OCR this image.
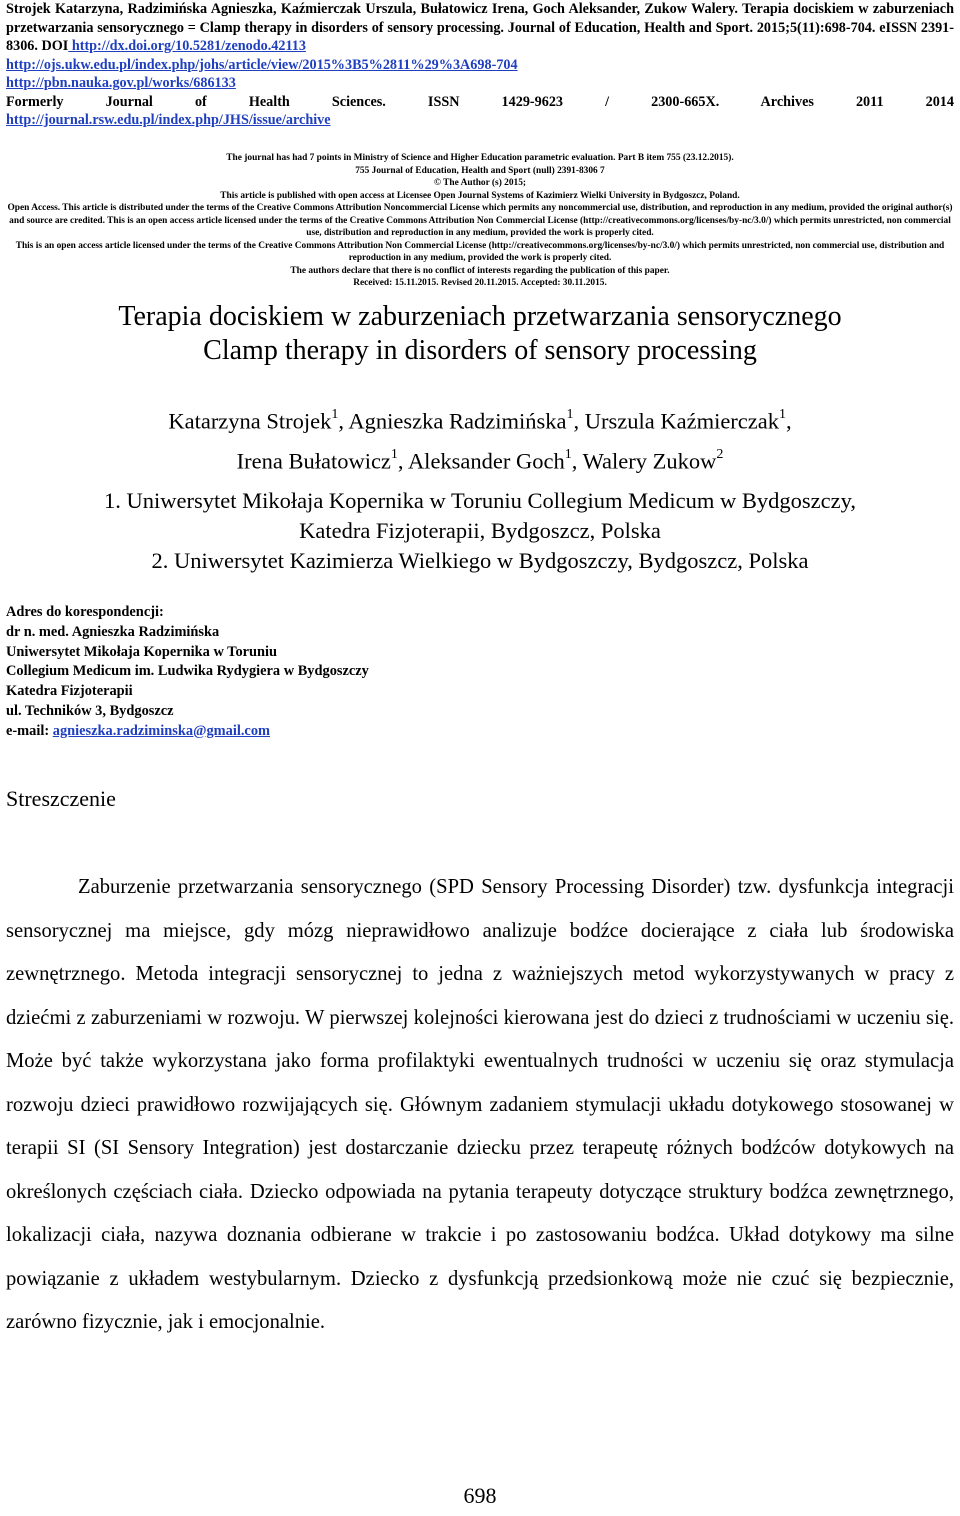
Strojek Katarzyna, Radzimińska Agnieszka, Kaźmierczak Urszula, Bułatowicz Irena, Goch Aleksander, Zukow Walery. Terapia dociskiem w zaburzeniach przetwarzania sensorycznego = Clamp therapy in disorders of sensory processing. Journal of Education, Health and Sport. 2015;5(11):698-704. eISSN 2391-8306. DOI http://dx.doi.org/10.5281/zenodo.42113
http://ojs.ukw.edu.pl/index.php/johs/article/view/2015%3B5%2811%29%3A698-704
http://pbn.nauka.gov.pl/works/686133

Formerly Journal of Health Sciences. ISSN 1429-9623 / 2300-665X. Archives 2011 2014
http://journal.rsw.edu.pl/index.php/JHS/issue/archive
The journal has had 7 points in Ministry of Science and Higher Education parametric evaluation. Part B item 755 (23.12.2015).
755 Journal of Education, Health and Sport (null) 2391-8306 7
© The Author (s) 2015;
This article is published with open access at Licensee Open Journal Systems of Kazimierz Wielki University in Bydgoszcz, Poland.
Open Access. This article is distributed under the terms of the Creative Commons Attribution Noncommercial License which permits any noncommercial use, distribution, and reproduction in any medium, provided the original author(s) and source are credited. This is an open access article licensed under the terms of the Creative Commons Attribution Non Commercial License (http://creativecommons.org/licenses/by-nc/3.0/) which permits unrestricted, non commercial use, distribution and reproduction in any medium, provided the work is properly cited.
This is an open access article licensed under the terms of the Creative Commons Attribution Non Commercial License (http://creativecommons.org/licenses/by-nc/3.0/) which permits unrestricted, non commercial use, distribution and reproduction in any medium, provided the work is properly cited.
The authors declare that there is no conflict of interests regarding the publication of this paper.
Received: 15.11.2015. Revised 20.11.2015. Accepted: 30.11.2015.
Terapia dociskiem w zaburzeniach przetwarzania sensorycznego
Clamp therapy in disorders of sensory processing
Katarzyna Strojek$^1$, Agnieszka Radzimińska$^1$, Urszula Kaźmierczak$^1$,
Irena Bułatowicz$^1$, Aleksander Goch$^1$, Walery Zukow$^2$
1. Uniwersytet Mikołaja Kopernika w Toruniu Collegium Medicum w Bydgoszczy,
Katedra Fizjoterapii, Bydgoszcz, Polska
2. Uniwersytet Kazimierza Wielkiego w Bydgoszczy, Bydgoszcz, Polska
Adres do korespondencji:
dr n. med. Agnieszka Radzimińska
Uniwersytet Mikołaja Kopernika w Toruniu
Collegium Medicum im. Ludwika Rydygiera w Bydgoszczy
Katedra Fizjoterapii
ul. Techników 3, Bydgoszcz
e-mail: agnieszka.radziminska@gmail.com
Streszczenie
Zaburzenie przetwarzania sensorycznego (SPD Sensory Processing Disorder) tzw. dysfunkcja integracji sensorycznej ma miejsce, gdy mózg nieprawidłowo analizuje bodźce docierające z ciała lub środowiska zewnętrznego. Metoda integracji sensorycznej to jedna z ważniejszych metod wykorzystywanych w pracy z dziećmi z zaburzeniami w rozwoju. W pierwszej kolejności kierowana jest do dzieci z trudnościami w uczeniu się. Może być także wykorzystana jako forma profilaktyki ewentualnych trudności w uczeniu się oraz stymulacja rozwoju dzieci prawidłowo rozwijających się. Głównym zadaniem stymulacji układu dotykowego stosowanej w terapii SI (SI Sensory Integration) jest dostarczanie dziecku przez terapeutę różnych bodźców dotykowych na określonych częściach ciała. Dziecko odpowiada na pytania terapeuty dotyczące struktury bodźca zewnętrznego, lokalizacji ciała, nazywa doznania odbierane w trakcie i po zastosowaniu bodźca. Układ dotykowy ma silne powiązanie z układem westybularnym. Dziecko z dysfunkcją przedsionkową może nie czuć się bezpiecznie, zarówno fizycznie, jak i emocjonalnie.
698
